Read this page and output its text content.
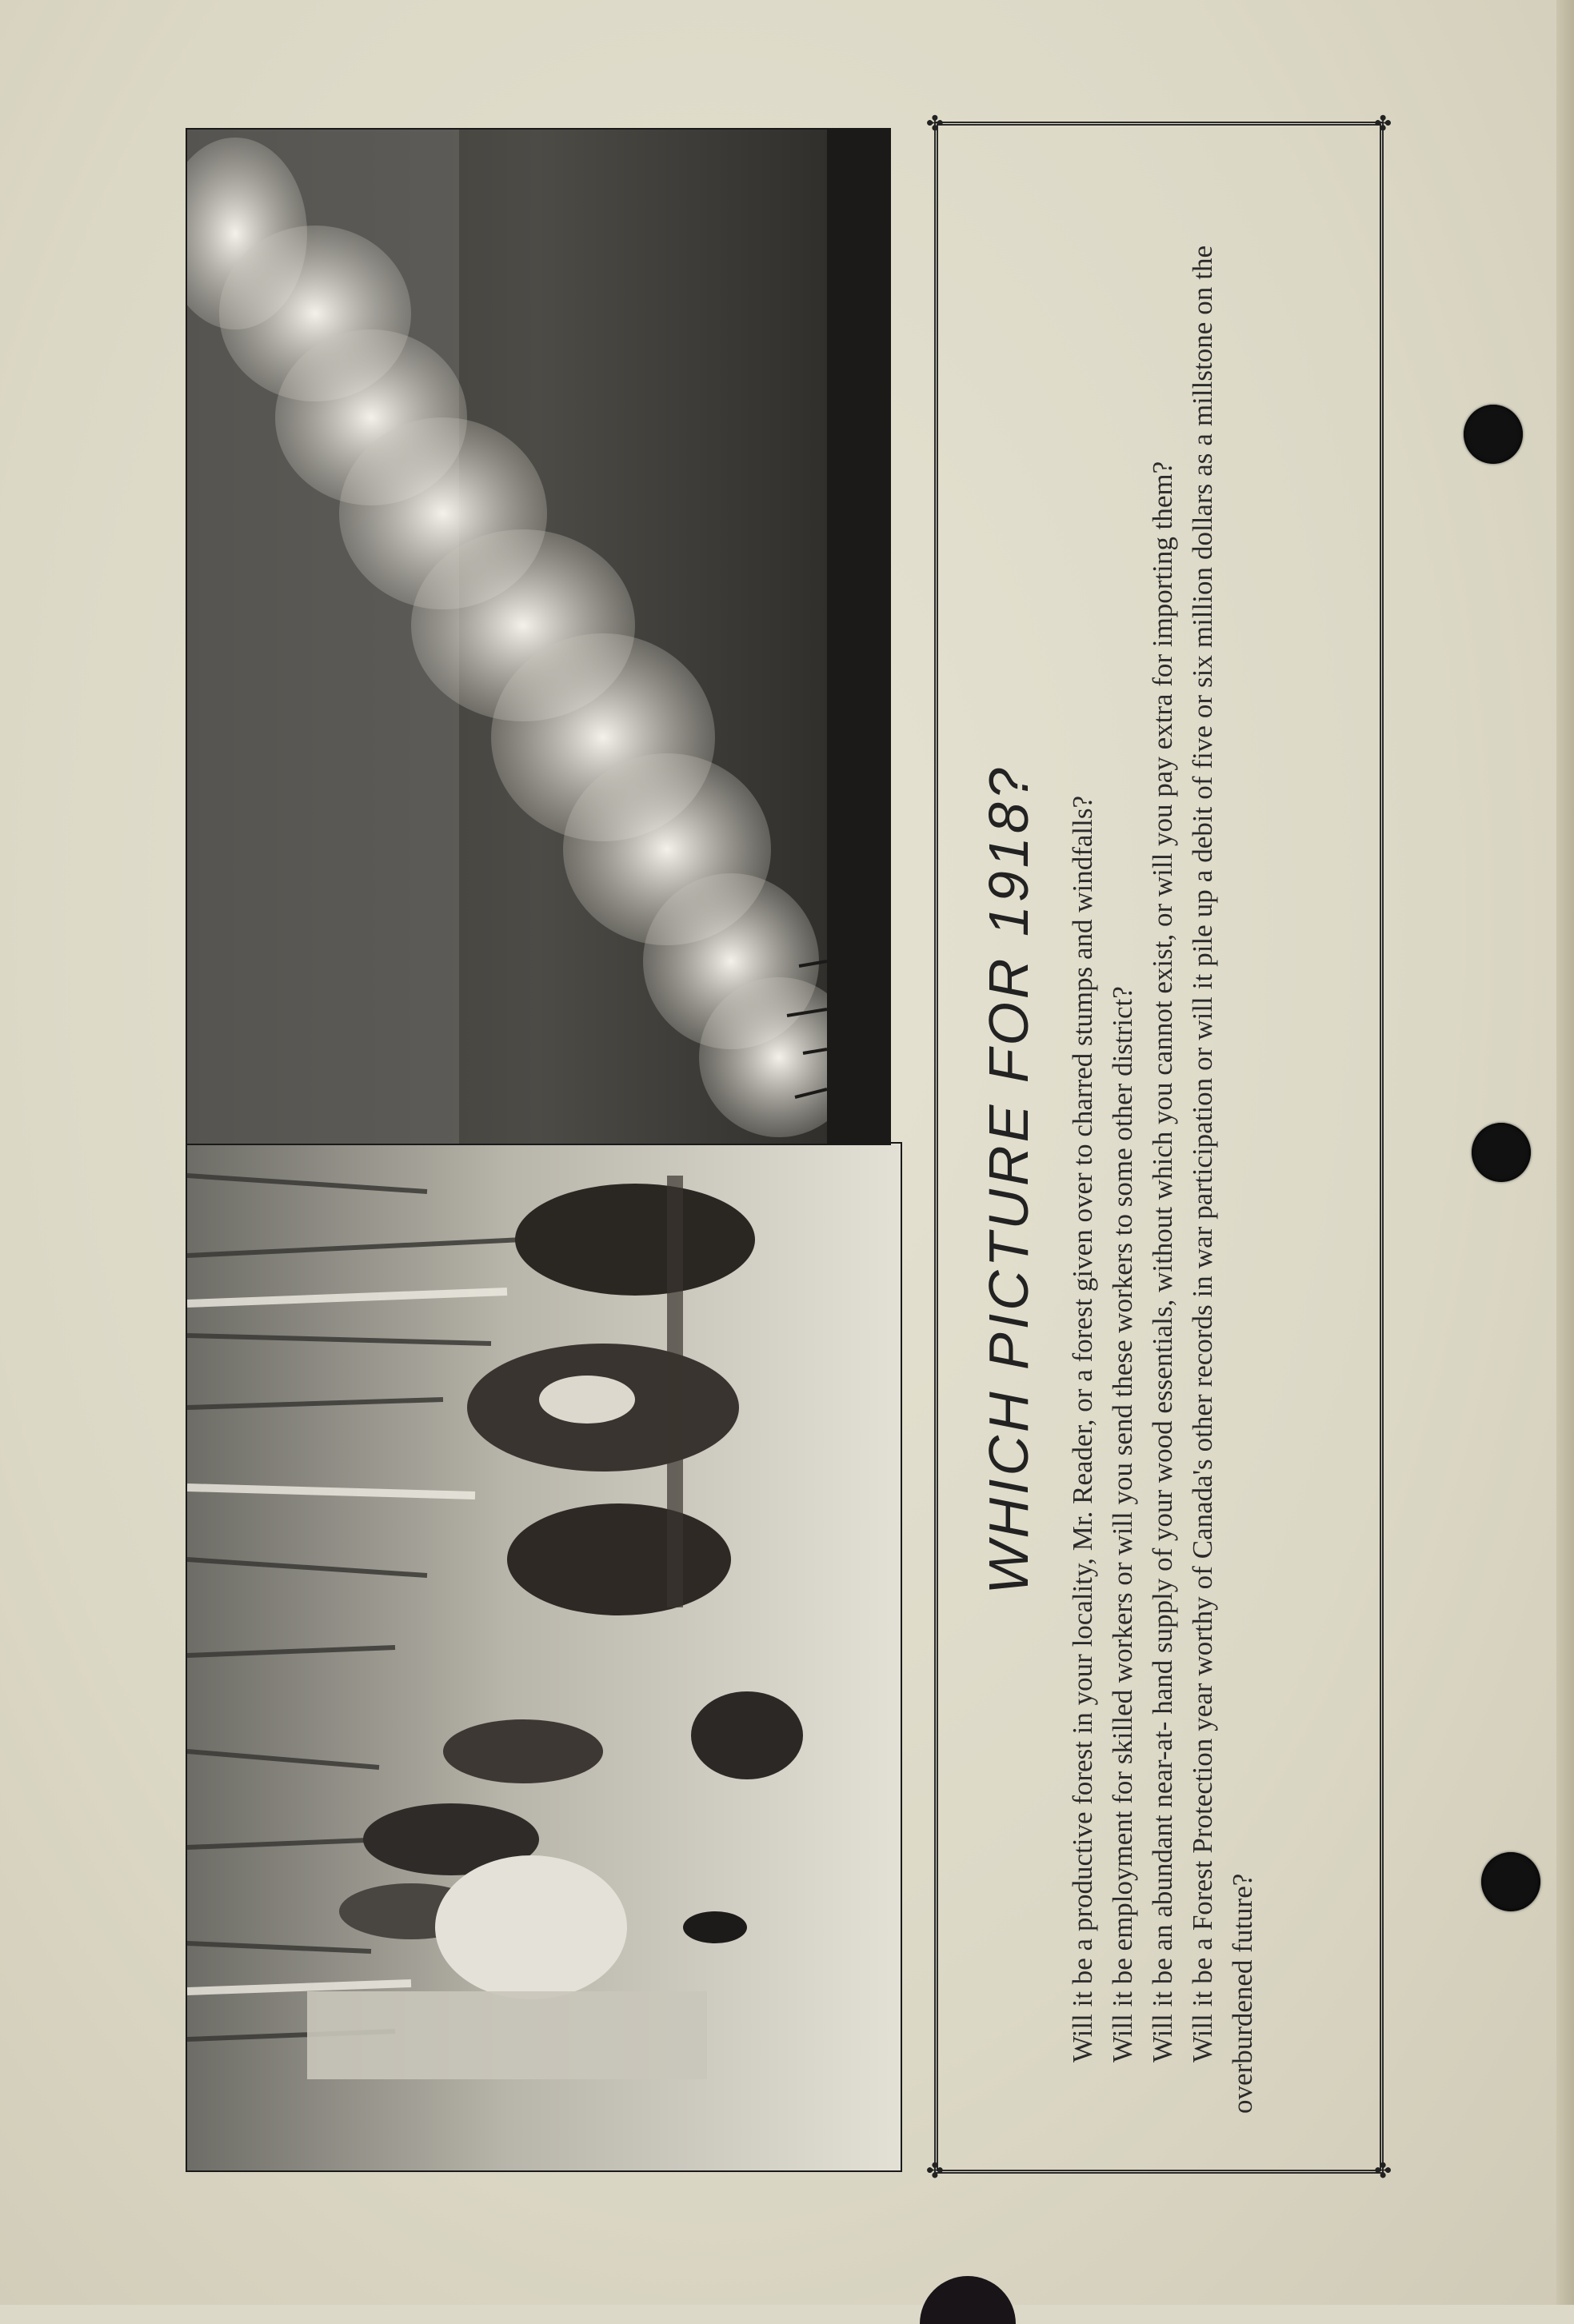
✤	✤
✤	✤
WHICH PICTURE FOR 1918? Will it be a productive forest in your locality, Mr. Reader, or a forest given over to charred stumps and windfalls? Will it be employment for skilled workers or will you send these workers to some other district? Will it be an abundant near-at- hand supply of your wood essentials, without which you cannot exist, or will you pay extra for importing them? Will it be a Forest Protection year worthy of Canada's other records in war participation or will it pile up a debit of five or six million dollars as a millstone on the overburdened future?
